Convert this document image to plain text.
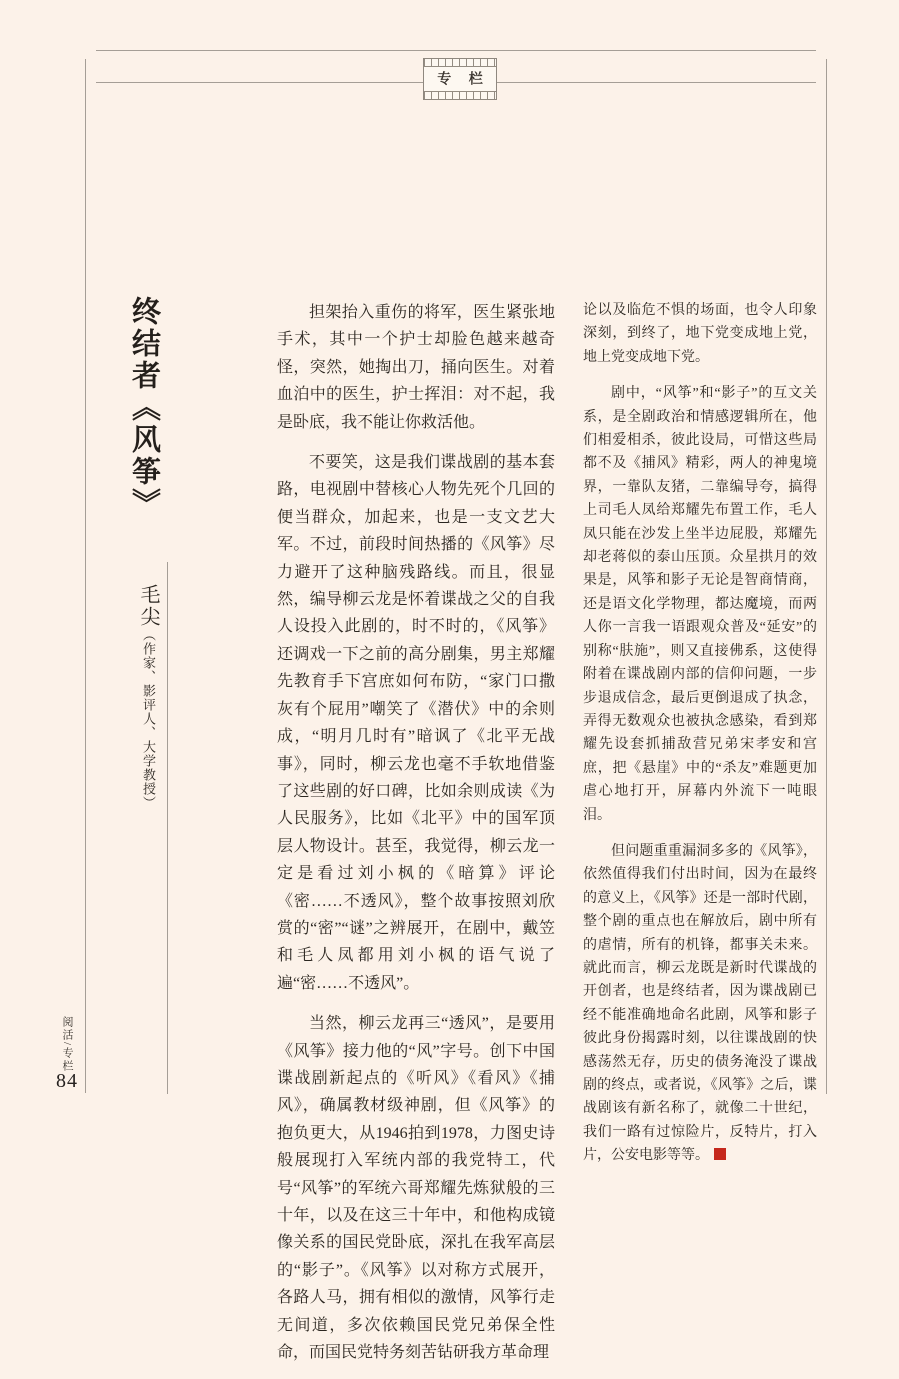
专 栏
终结者《风筝》
毛尖（作家、影评人、大学教授）

担架抬入重伤的将军，医生紧张地手术，其中一个护士却脸色越来越奇怪，突然，她掏出刀，捅向医生。对着血泊中的医生，护士挥泪：对不起，我是卧底，我不能让你救活他。

不要笑，这是我们谍战剧的基本套路，电视剧中替核心人物先死个几回的便当群众，加起来，也是一支文艺大军。不过，前段时间热播的《风筝》尽力避开了这种脑残路线。而且，很显然，编导柳云龙是怀着谍战之父的自我人设投入此剧的，时不时的，《风筝》还调戏一下之前的高分剧集，男主郑耀先教育手下宫庶如何布防，“家门口撒灰有个屁用”嘲笑了《潜伏》中的余则成，“明月几时有”暗讽了《北平无战事》，同时，柳云龙也毫不手软地借鉴了这些剧的好口碑，比如余则成读《为人民服务》，比如《北平》中的国军顶层人物设计。甚至，我觉得，柳云龙一定是看过刘小枫的《暗算》评论《密……不透风》，整个故事按照刘欣赏的“密”“谜”之辨展开，在剧中，戴笠和毛人凤都用刘小枫的语气说了遍“密……不透风”。

当然，柳云龙再三“透风”，是要用《风筝》接力他的“风”字号。创下中国谍战剧新起点的《听风》《看风》《捕风》，确属教材级神剧，但《风筝》的抱负更大，从1946拍到1978，力图史诗般展现打入军统内部的我党特工，代号“风筝”的军统六哥郑耀先炼狱般的三十年，以及在这三十年中，和他构成镜像关系的国民党卧底，深扎在我军高层的“影子”。《风筝》以对称方式展开，各路人马，拥有相似的激情，风筝行走无间道，多次依赖国民党兄弟保全性命，而国民党特务刻苦钻研我方革命理

论以及临危不惧的场面，也令人印象深刻，到终了，地下党变成地上党，地上党变成地下党。

剧中，“风筝”和“影子”的互文关系，是全剧政治和情感逻辑所在，他们相爱相杀，彼此设局，可惜这些局都不及《捕风》精彩，两人的神鬼境界，一靠队友猪，二靠编导夸，搞得上司毛人凤给郑耀先布置工作，毛人凤只能在沙发上坐半边屁股，郑耀先却老蒋似的泰山压顶。众星拱月的效果是，风筝和影子无论是智商情商，还是语文化学物理，都达魔境，而两人你一言我一语跟观众普及“延安”的别称“肤施”，则又直接佛系，这使得附着在谍战剧内部的信仰问题，一步步退成信念，最后更倒退成了执念，弄得无数观众也被执念感染，看到郑耀先设套抓捕敌营兄弟宋孝安和宫庶，把《悬崖》中的“杀友”难题更加虐心地打开，屏幕内外流下一吨眼泪。

但问题重重漏洞多多的《风筝》，依然值得我们付出时间，因为在最终的意义上，《风筝》还是一部时代剧，整个剧的重点也在解放后，剧中所有的虐情，所有的机锋，都事关未来。就此而言，柳云龙既是新时代谍战的开创者，也是终结者，因为谍战剧已经不能准确地命名此剧，风筝和影子彼此身份揭露时刻，以往谍战剧的快感荡然无存，历史的债务淹没了谍战剧的终点，或者说，《风筝》之后，谍战剧该有新名称了，就像二十世纪，我们一路有过惊险片，反特片，打入片，公安电影等等。

阅活/专栏
84
